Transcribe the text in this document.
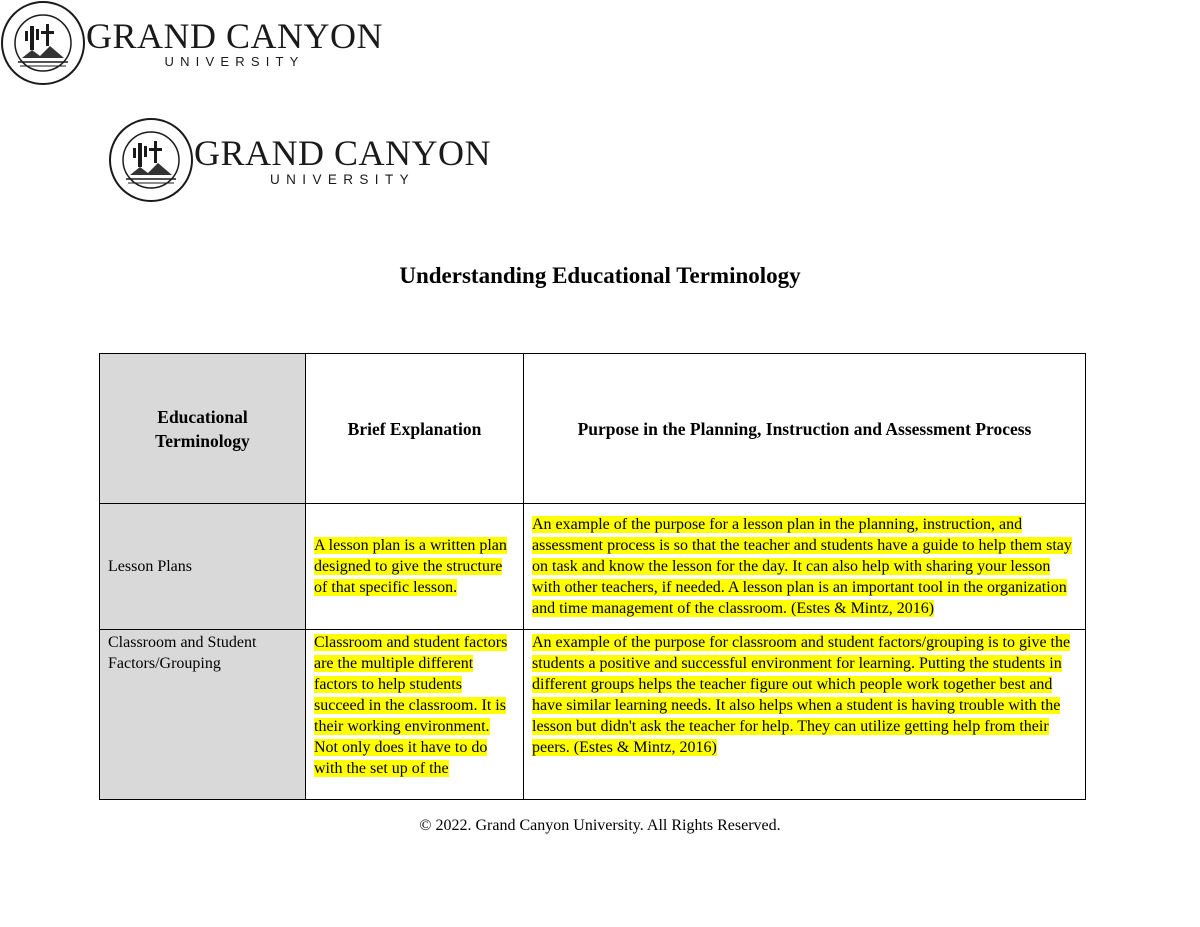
GRAND CANYON
UNIVERSITY
GRAND CANYON
UNIVERSITY
Understanding Educational Terminology
Educational Terminology	Brief Explanation	Purpose in the Planning, Instruction and Assessment Process
Lesson Plans	A lesson plan is a written plan designed to give the structure of that specific lesson.	An example of the purpose for a lesson plan in the planning, instruction, and assessment process is so that the teacher and students have a guide to help them stay on task and know the lesson for the day. It can also help with sharing your lesson with other teachers, if needed. A lesson plan is an important tool in the organization and time management of the classroom. (Estes & Mintz, 2016)
Classroom and Student Factors/Grouping	Classroom and student factors are the multiple different factors to help students succeed in the classroom. It is their working environment. Not only does it have to do with the set up of the	An example of the purpose for classroom and student factors/grouping is to give the students a positive and successful environment for learning. Putting the students in different groups helps the teacher figure out which people work together best and have similar learning needs. It also helps when a student is having trouble with the lesson but didn't ask the teacher for help. They can utilize getting help from their peers. (Estes & Mintz, 2016)
© 2022. Grand Canyon University. All Rights Reserved.
